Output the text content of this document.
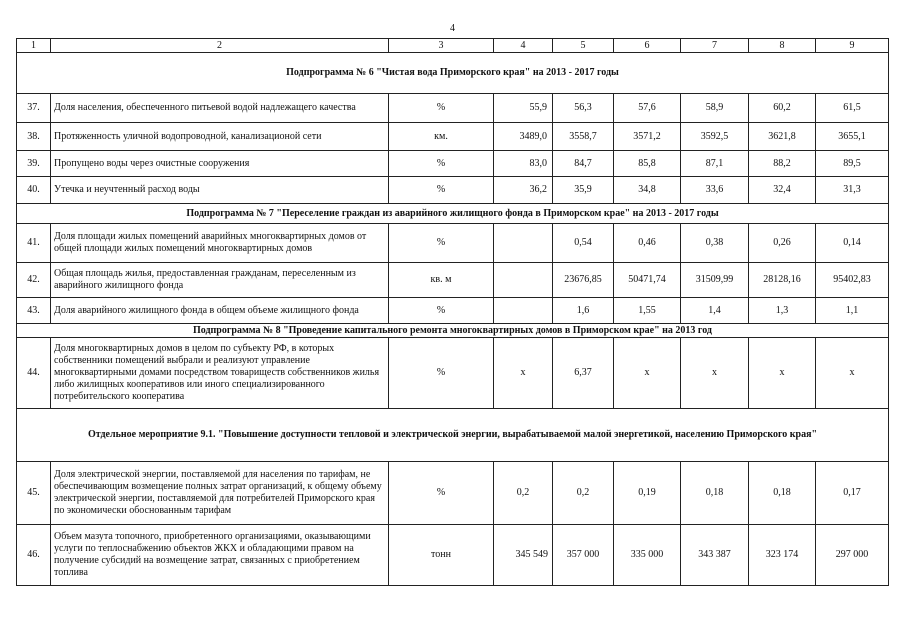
4
1	2	3	4	5	6	7	8	9
Подпрограмма № 6 "Чистая вода Приморского края" на 2013 - 2017 годы								
37.	Доля населения, обеспеченного питьевой водой надлежащего качества	%	55,9	56,3	57,6	58,9	60,2	61,5
38.	Протяженность уличной водопроводной, канализационой сети	км.	3489,0	3558,7	3571,2	3592,5	3621,8	3655,1
39.	Пропущено воды через очистные сооружения	%	83,0	84,7	85,8	87,1	88,2	89,5
40.	Утечка и неучтенный расход воды	%	36,2	35,9	34,8	33,6	32,4	31,3
Подпрограмма № 7 "Переселение граждан из аварийного жилищного фонда в Приморском крае" на 2013 - 2017 годы								
41.	Доля площади жилых помещений аварийных многоквартирных домов от общей площади жилых помещений многоквартирных домов	%		0,54	0,46	0,38	0,26	0,14
42.	Общая площадь жилья, предоставленная гражданам, переселенным из аварийного жилищного фонда	кв. м		23676,85	50471,74	31509,99	28128,16	95402,83
43.	Доля аварийного жилищного фонда в общем объеме жилищного фонда	%		1,6	1,55	1,4	1,3	1,1
Подпрограмма № 8 "Проведение капитального ремонта многоквартирных домов в Приморском крае" на 2013 год								
44.	Доля многоквартирных домов в целом по субъекту РФ, в которых собственники помещений выбрали и реализуют управление многоквартирными домами посредством товариществ собственников жилья либо жилищных кооперативов или иного специализированного потребительского кооператива	%	х	6,37	х	х	х	х
Отдельное мероприятие 9.1. "Повышение доступности тепловой и электрической энергии, вырабатываемой малой энергетикой, населению Приморского края"								
45.	Доля электрической энергии, поставляемой для населения по тарифам, не обеспечивающим возмещение полных затрат организаций, к общему объему электрической энергии, поставляемой для потребителей Приморского края по экономически обоснованным тарифам	%	0,2	0,2	0,19	0,18	0,18	0,17
46.	Объем мазута топочного, приобретенного организациями, оказывающими услуги по теплоснабжению объектов ЖКХ и обладающими правом на получение субсидий на возмещение затрат, связанных с приобретением топлива	тонн	345 549	357 000	335 000	343 387	323 174	297 000
